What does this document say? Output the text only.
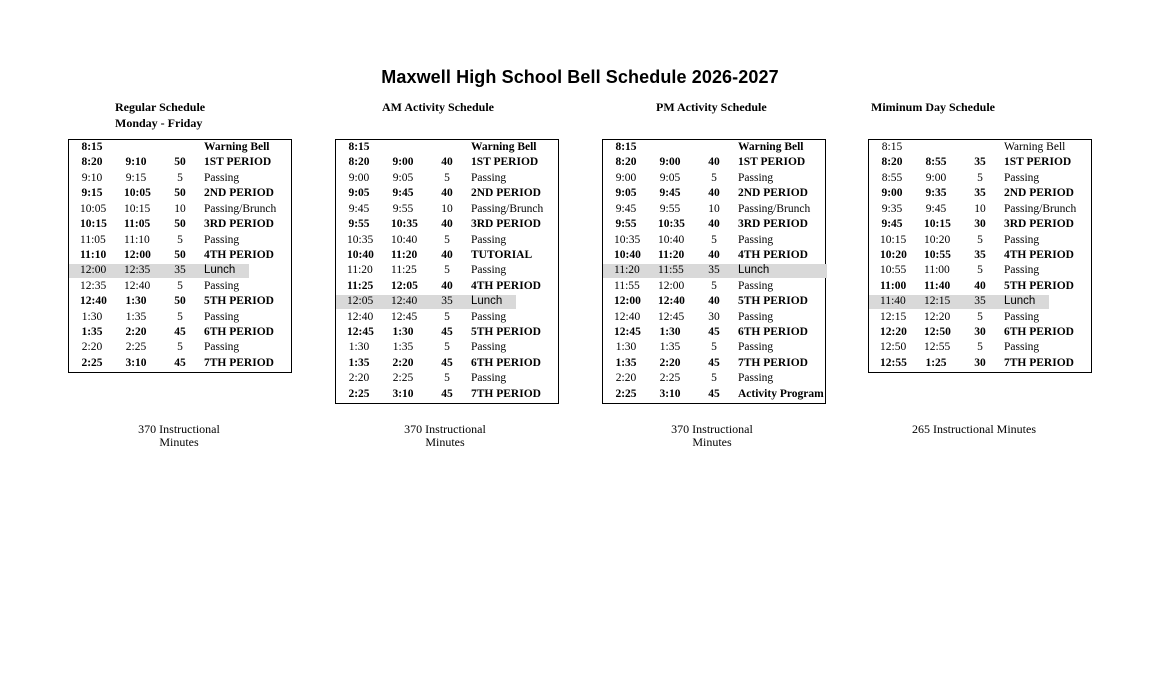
Maxwell High School Bell Schedule 2026-2027
Regular Schedule
Monday - Friday
8:15	Warning Bell
8:20 9:10	50	1ST PERIOD
9:10 9:15	5	Passing
9:15 10:05	50	2ND PERIOD
10:05 10:15	10	Passing/Brunch
10:15 11:05	50	3RD PERIOD
11:05 11:10	5	Passing
11:10 12:00	50	4TH PERIOD
12:00 12:35	35	Lunch
12:35 12:40	5	Passing
12:40 1:30	50	5TH PERIOD
1:30 1:35	5	Passing
1:35 2:20	45	6TH PERIOD
2:20 2:25	5	Passing
2:25 3:10	45	7TH PERIOD
370 Instructional
Minutes
AM Activity Schedule
8:15	Warning Bell
8:20 9:00	40	1ST PERIOD
9:00 9:05	5	Passing
9:05 9:45	40	2ND PERIOD
9:45 9:55	10	Passing/Brunch
9:55 10:35	40	3RD PERIOD
10:35 10:40	5	Passing
10:40 11:20	40	TUTORIAL
11:20 11:25	5	Passing
11:25 12:05	40	4TH PERIOD
12:05 12:40	35	Lunch
12:40 12:45	5	Passing
12:45 1:30	45	5TH PERIOD
1:30 1:35	5	Passing
1:35 2:20	45	6TH PERIOD
2:20 2:25	5	Passing
2:25 3:10	45	7TH PERIOD
370 Instructional
Minutes
PM Activity Schedule
8:15	Warning Bell
8:20 9:00	40	1ST PERIOD
9:00 9:05	5	Passing
9:05 9:45	40	2ND PERIOD
9:45 9:55	10	Passing/Brunch
9:55 10:35	40	3RD PERIOD
10:35 10:40	5	Passing
10:40 11:20	40	4TH PERIOD
11:20 11:55	35	Lunch
11:55 12:00	5	Passing
12:00 12:40	40	5TH PERIOD
12:40 12:45	30	Passing
12:45 1:30	45	6TH PERIOD
1:30 1:35	5	Passing
1:35 2:20	45	7TH PERIOD
2:20 2:25	5	Passing
2:25 3:10	45	Activity Program
370 Instructional
Minutes
Miminum Day Schedule
8:15	Warning Bell
8:20 8:55	35	1ST PERIOD
8:55 9:00	5	Passing
9:00 9:35	35	2ND PERIOD
9:35 9:45	10	Passing/Brunch
9:45 10:15	30	3RD PERIOD
10:15 10:20	5	Passing
10:20 10:55	35	4TH PERIOD
10:55 11:00	5	Passing
11:00 11:40	40	5TH PERIOD
11:40 12:15	35	Lunch
12:15 12:20	5	Passing
12:20 12:50	30	6TH PERIOD
12:50 12:55	5	Passing
12:55 1:25	30	7TH PERIOD
265 Instructional Minutes
